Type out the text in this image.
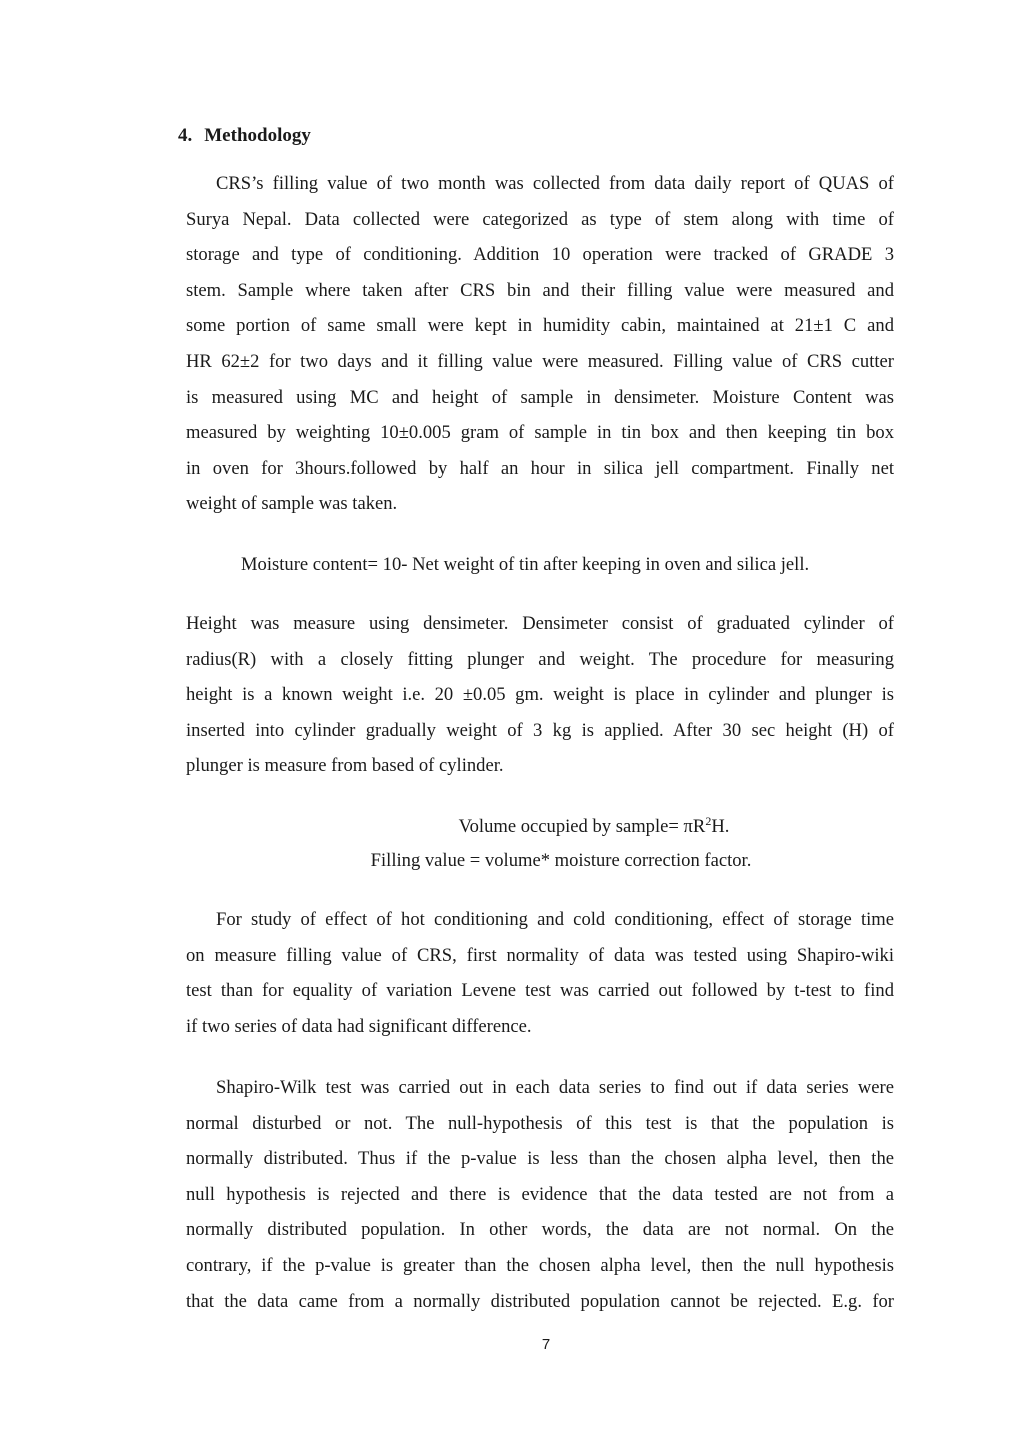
4. Methodology
CRS’s filling value of two month was collected from data daily report of QUAS of
Surya Nepal. Data collected were categorized as type of stem along with time of
storage and type of conditioning. Addition 10 operation were tracked of GRADE 3
stem. Sample where taken after CRS bin and their filling value were measured and
some portion of same small were kept in humidity cabin, maintained at 21±1 C and
HR 62±2 for two days and it filling value were measured. Filling value of CRS cutter
is measured using MC and height of sample in densimeter. Moisture Content was
measured by weighting 10±0.005 gram of sample in tin box and then keeping tin box
in oven for 3hours.followed by half an hour in silica jell compartment. Finally net
weight of sample was taken.

Moisture content= 10- Net weight of tin after keeping in oven and silica jell.

Height was measure using densimeter. Densimeter consist of graduated cylinder of
radius(R) with a closely fitting plunger and weight. The procedure for measuring
height is a known weight i.e. 20 ±0.05 gm. weight is place in cylinder and plunger is
inserted into cylinder gradually weight of 3 kg is applied. After 30 sec height (H) of
plunger is measure from based of cylinder.

Volume occupied by sample= $\pi R^2H$.

Filling value = volume* moisture correction factor.

For study of effect of hot conditioning and cold conditioning, effect of storage time
on measure filling value of CRS, first normality of data was tested using Shapiro-wiki
test than for equality of variation Levene test was carried out followed by t-test to find
if two series of data had significant difference.
Shapiro-Wilk test was carried out in each data series to find out if data series were
normal disturbed or not. The null-hypothesis of this test is that the population is
normally distributed. Thus if the p-value is less than the chosen alpha level, then the
null hypothesis is rejected and there is evidence that the data tested are not from a
normally distributed population. In other words, the data are not normal. On the
contrary, if the p-value is greater than the chosen alpha level, then the null hypothesis
that the data came from a normally distributed population cannot be rejected. E.g. for
7
